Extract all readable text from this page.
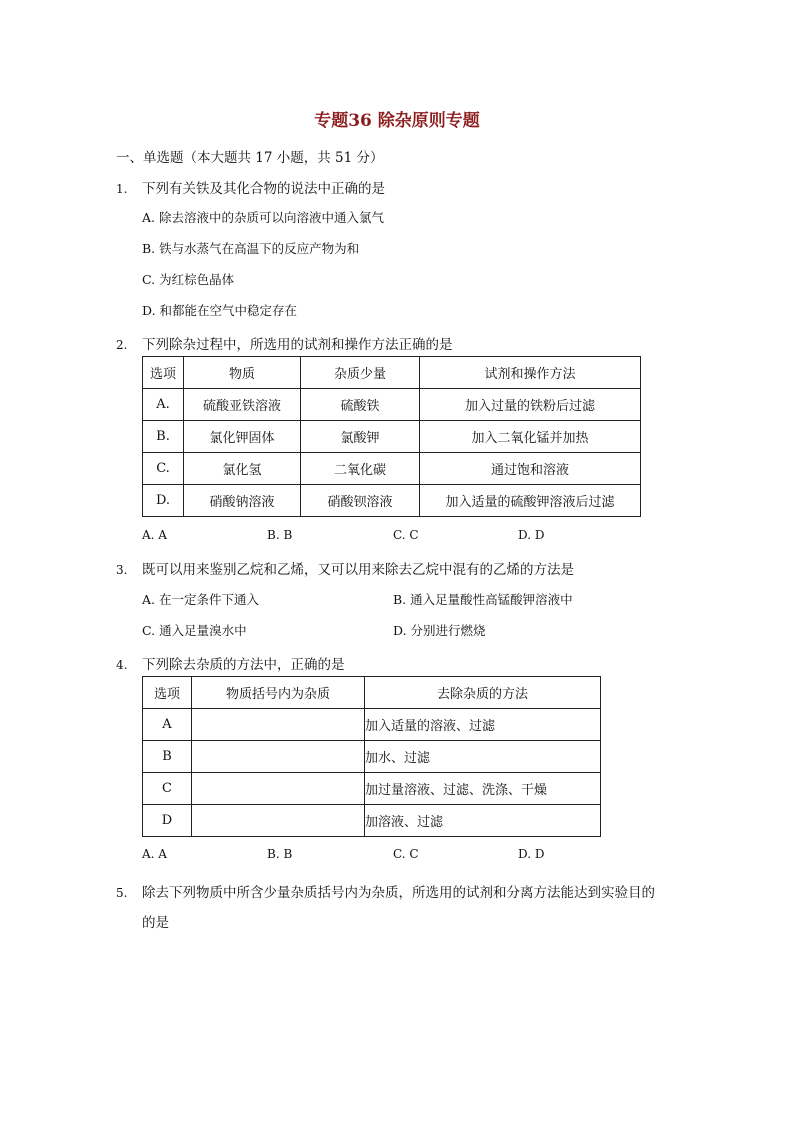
专题36 除杂原则专题
一、单选题（本大题共 17 小题，共 51 分）
1. 下列有关铁及其化合物的说法中正确的是
A. 除去溶液中的杂质可以向溶液中通入氯气
B. 铁与水蒸气在高温下的反应产物为和
C. 为红棕色晶体
D. 和都能在空气中稳定存在
2. 下列除杂过程中，所选用的试剂和操作方法正确的是
选项	物质	杂质少量	试剂和操作方法
A.	硫酸亚铁溶液	硫酸铁	加入过量的铁粉后过滤
B.	氯化钾固体	氯酸钾	加入二氧化锰并加热
C.	氯化氢	二氧化碳	通过饱和溶液
D.	硝酸钠溶液	硝酸钡溶液	加入适量的硫酸钾溶液后过滤
A. A	B. B	C. C	D. D
3. 既可以用来鉴别乙烷和乙烯，又可以用来除去乙烷中混有的乙烯的方法是
A. 在一定条件下通入	B. 通入足量酸性高锰酸钾溶液中
C. 通入足量溴水中	D. 分别进行燃烧
4. 下列除去杂质的方法中，正确的是
选项	物质括号内为杂质	去除杂质的方法
A		加入适量的溶液、过滤
B		加水、过滤
C		加过量溶液、过滤、洗涤、干燥
D		加溶液、过滤
A. A	B. B	C. C	D. D
5. 除去下列物质中所含少量杂质括号内为杂质，所选用的试剂和分离方法能达到实验目的
的是
